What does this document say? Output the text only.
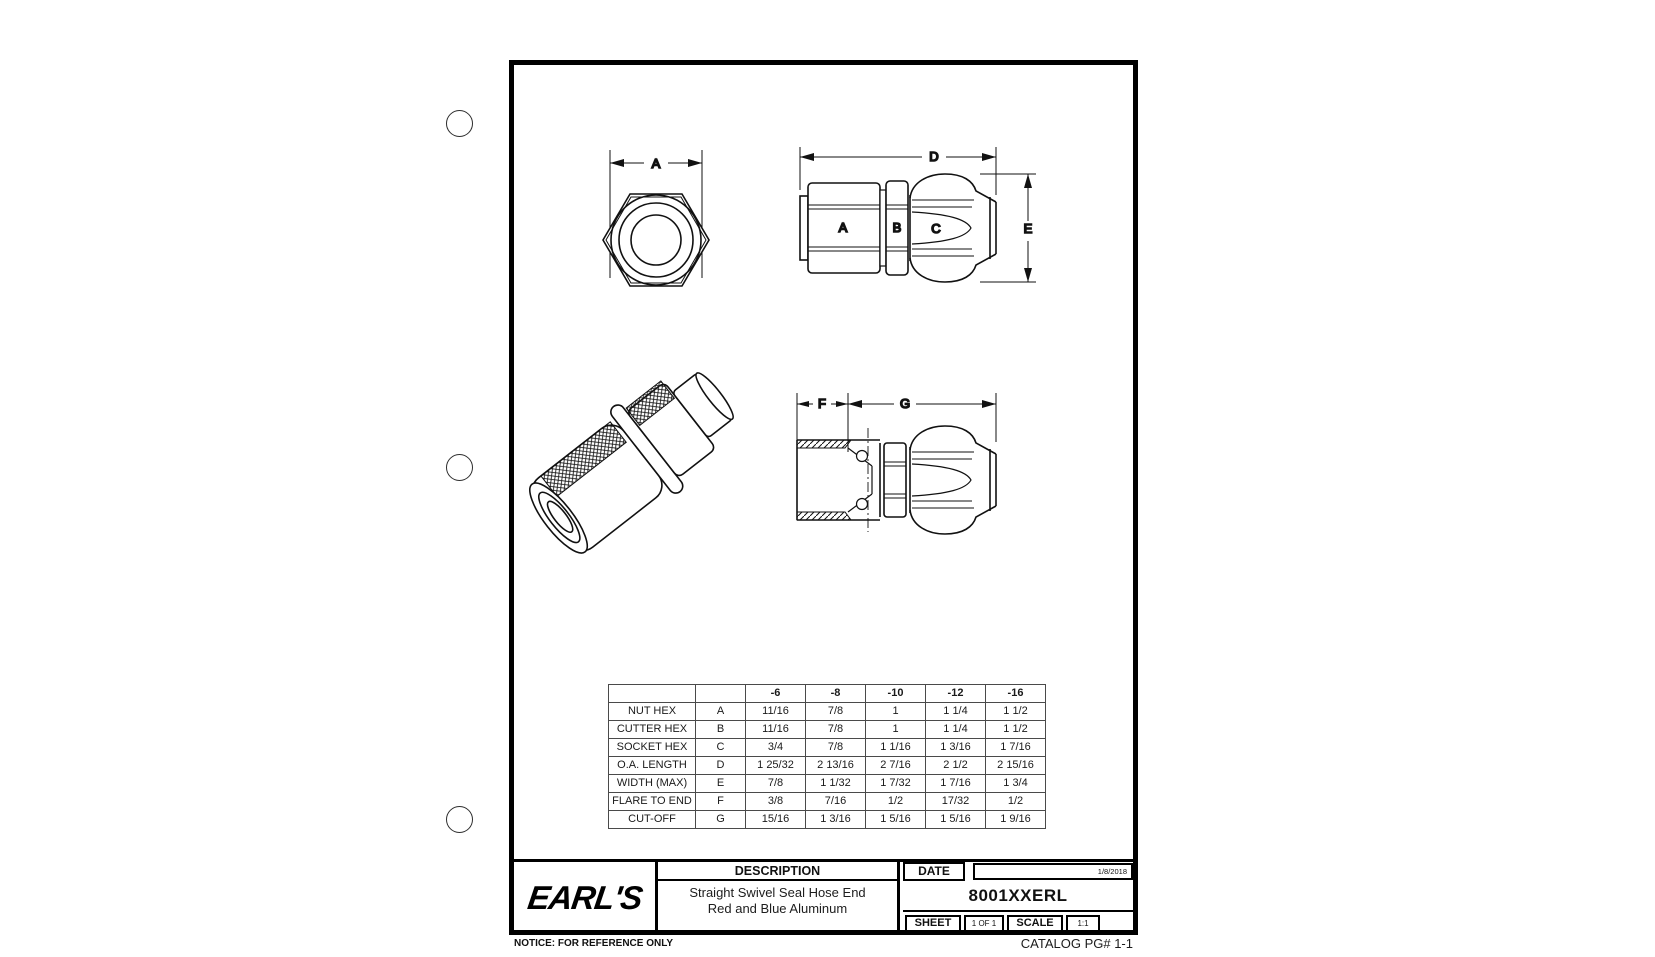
A	D
A	B C	E
F	G
		-6	-8	-10	-12	-16
NUT HEX	A	11/16	7/8	1	1 1/4	1 1/2
CUTTER HEX	B	11/16	7/8	1	1 1/4	1 1/2
SOCKET HEX	C	3/4	7/8	1 1/16	1 3/16	1 7/16
O.A. LENGTH	D	1 25/32	2 13/16	2 7/16	2 1/2	2 15/16
WIDTH (MAX)	E	7/8	1 1/32	1 7/32	1 7/16	1 3/4
FLARE TO END	F	3/8	7/16	1/2	17/32	1/2
CUT-OFF	G	15/16	1 3/16	1 5/16	1 5/16	1 9/16
EARL'S
DESCRIPTION
Straight Swivel Seal Hose End
Red and Blue Aluminum
DATE	1/8/2018
8001XXERL
SHEET	1 OF 1	SCALE	1:1
NOTICE: FOR REFERENCE ONLY	CATALOG PG# 1-1
